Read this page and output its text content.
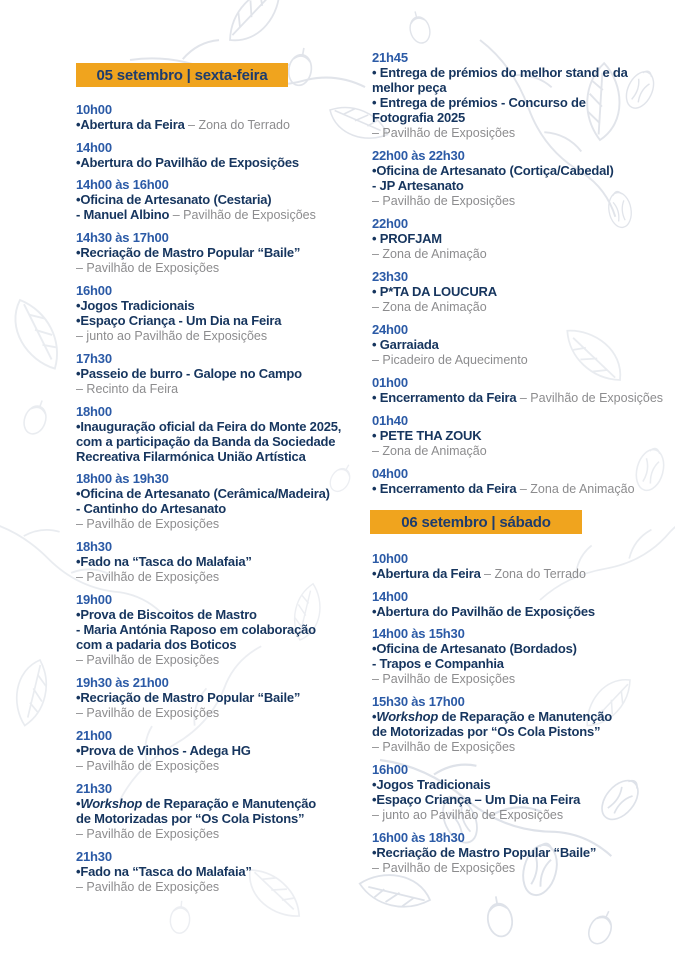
05 setembro | sexta-feira
10h00
•Abertura da Feira – Zona do Terrado
14h00
•Abertura do Pavilhão de Exposições
14h00 às 16h00
•Oficina de Artesanato (Cestaria)
- Manuel Albino – Pavilhão de Exposições
14h30 às 17h00
•Recriação de Mastro Popular “Baile”
– Pavilhão de Exposições
16h00
•Jogos Tradicionais
•Espaço Criança - Um Dia na Feira
– junto ao Pavilhão de Exposições
17h30
•Passeio de burro - Galope no Campo
– Recinto da Feira
18h00
•Inauguração oficial da Feira do Monte 2025,
com a participação da Banda da Sociedade
Recreativa Filarmónica União Artística
18h00 às 19h30
•Oficina de Artesanato (Cerâmica/Madeira)
- Cantinho do Artesanato
– Pavilhão de Exposições
18h30
•Fado na “Tasca do Malafaia”
– Pavilhão de Exposições
19h00
•Prova de Biscoitos de Mastro
- Maria Antónia Raposo em colaboração
com a padaria dos Boticos
– Pavilhão de Exposições
19h30 às 21h00
•Recriação de Mastro Popular “Baile”
– Pavilhão de Exposições
21h00
•Prova de Vinhos - Adega HG
– Pavilhão de Exposições
21h30
•Workshop de Reparação e Manutenção
de Motorizadas por “Os Cola Pistons”
– Pavilhão de Exposições
21h30
•Fado na “Tasca do Malafaia”
– Pavilhão de Exposições
21h45
• Entrega de prémios do melhor stand e da
melhor peça
• Entrega de prémios - Concurso de
Fotografia 2025
– Pavilhão de Exposições
22h00 às 22h30
•Oficina de Artesanato (Cortiça/Cabedal)
- JP Artesanato
– Pavilhão de Exposições
22h00
• PROFJAM
– Zona de Animação
23h30
• P*TA DA LOUCURA
– Zona de Animação
24h00
• Garraiada
– Picadeiro de Aquecimento
01h00
• Encerramento da Feira – Pavilhão de Exposições
01h40
• PETE THA ZOUK
– Zona de Animação
04h00
• Encerramento da Feira – Zona de Animação
06 setembro | sábado
10h00
•Abertura da Feira – Zona do Terrado
14h00
•Abertura do Pavilhão de Exposições
14h00 às 15h30
•Oficina de Artesanato (Bordados)
- Trapos e Companhia
– Pavilhão de Exposições
15h30 às 17h00
•Workshop de Reparação e Manutenção
de Motorizadas por “Os Cola Pistons”
– Pavilhão de Exposições
16h00
•Jogos Tradicionais
•Espaço Criança – Um Dia na Feira
– junto ao Pavilhão de Exposições
16h00 às 18h30
•Recriação de Mastro Popular “Baile”
– Pavilhão de Exposições
